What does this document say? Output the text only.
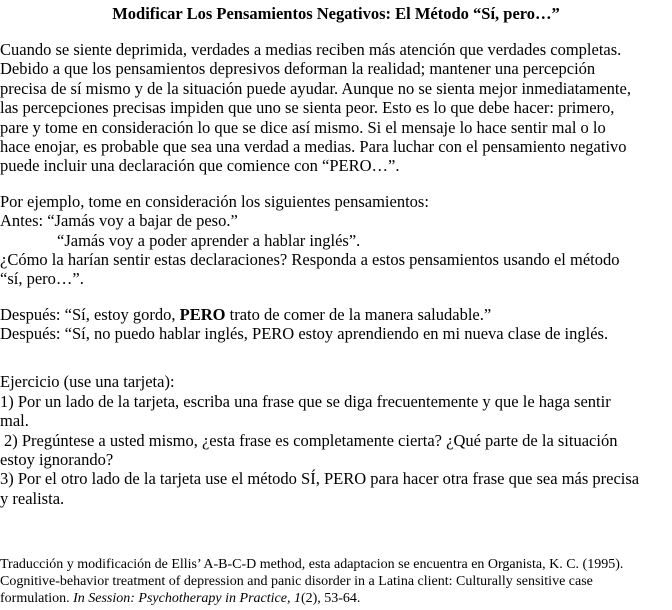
Modificar Los Pensamientos Negativos: El Método “Sí, pero…”
Cuando se siente deprimida, verdades a medias reciben más atención que verdades completas.
Debido a que los pensamientos depresivos deforman la realidad; mantener una percepción
precisa de sí mismo y de la situación puede ayudar. Aunque no se sienta mejor inmediatamente,
las percepciones precisas impiden que uno se sienta peor. Esto es lo que debe hacer: primero,
pare y tome en consideración lo que se dice así mismo. Si el mensaje lo hace sentir mal o lo
hace enojar, es probable que sea una verdad a medias. Para luchar con el pensamiento negativo
puede incluir una declaración que comience con “PERO…”.
Por ejemplo, tome en consideración los siguientes pensamientos:
Antes: “Jamás voy a bajar de peso.”
“Jamás voy a poder aprender a hablar inglés”.
¿Cómo la harían sentir estas declaraciones? Responda a estos pensamientos usando el método
“sí, pero…”.
Después: “Sí, estoy gordo, PERO trato de comer de la manera saludable.”
Después: “Sí, no puedo hablar inglés, PERO estoy aprendiendo en mi nueva clase de inglés.
Ejercicio (use una tarjeta):
1) Por un lado de la tarjeta, escriba una frase que se diga frecuentemente y que le haga sentir
mal.
2) Pregúntese a usted mismo, ¿esta frase es completamente cierta? ¿Qué parte de la situación
estoy ignorando?
3) Por el otro lado de la tarjeta use el método SÍ, PERO para hacer otra frase que sea más precisa
y realista.
Traducción y modificación de Ellis’ A-B-C-D method, esta adaptacion se encuentra en Organista, K. C. (1995).
Cognitive-behavior treatment of depression and panic disorder in a Latina client: Culturally sensitive case
formulation. In Session: Psychotherapy in Practice, 1(2), 53-64.
